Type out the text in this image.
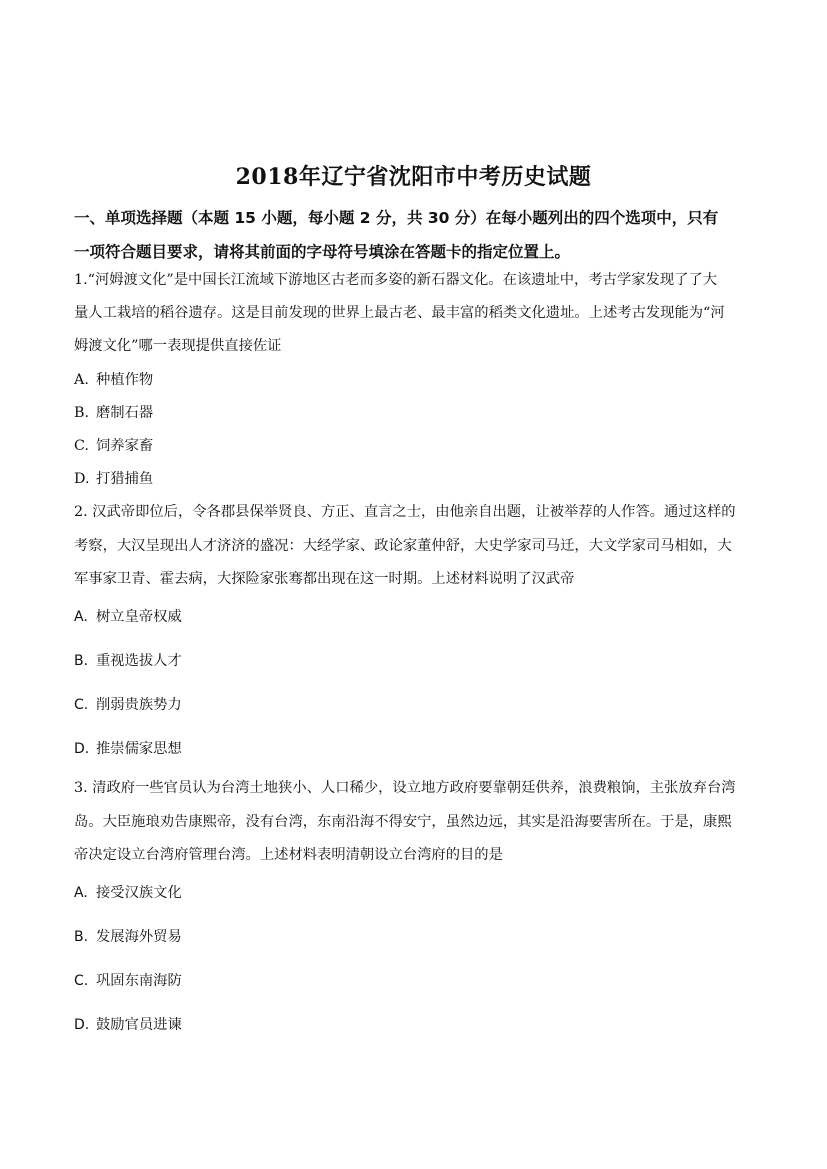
2018年辽宁省沈阳市中考历史试题
一、单项选择题（本题 15 小题，每小题 2 分，共 30 分）在每小题列出的四个选项中，只有
一项符合题目要求，请将其前面的字母符号填涂在答题卡的指定位置上。
1.“河姆渡文化”是中国长江流域下游地区古老而多姿的新石器文化。在该遗址中，考古学家发现了了大
量人工栽培的稻谷遗存。这是目前发现的世界上最古老、最丰富的稻类文化遗址。上述考古发现能为“河
姆渡文化”哪一表现提供直接佐证
A. 种植作物
B. 磨制石器
C. 饲养家畜
D. 打猎捕鱼
2. 汉武帝即位后，令各郡县保举贤良、方正、直言之士，由他亲自出题，让被举荐的人作答。通过这样的
考察，大汉呈现出人才济济的盛况：大经学家、政论家董仲舒，大史学家司马迁，大文学家司马相如，大
军事家卫青、霍去病，大探险家张骞都出现在这一时期。上述材料说明了汉武帝
A. 树立皇帝权威
B. 重视选拔人才
C. 削弱贵族势力
D. 推崇儒家思想
3. 清政府一些官员认为台湾土地狭小、人口稀少，设立地方政府要靠朝廷供养，浪费粮饷，主张放弃台湾
岛。大臣施琅劝告康熙帝，没有台湾，东南沿海不得安宁，虽然边远，其实是沿海要害所在。于是，康熙
帝决定设立台湾府管理台湾。上述材料表明清朝设立台湾府的目的是
A. 接受汉族文化
B. 发展海外贸易
C. 巩固东南海防
D. 鼓励官员进谏
